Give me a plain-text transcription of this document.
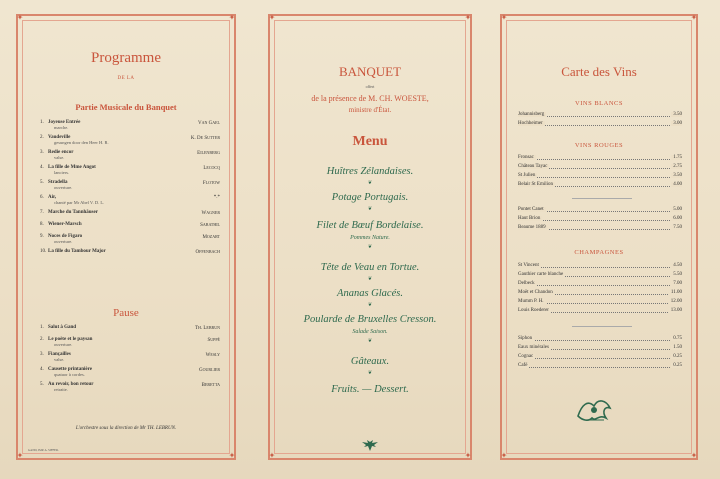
✦	✦
✦	✦
Programme
DE LA
Partie Musicale du Banquet
1. Joyeuse Entrée	Van Gael
marche.
2. Vaudeville	K. De Sutter
gesungen door den Heer H. R.
3. Redie encor	Eilenberg
valse.
4. La fille de Mme Angot	Lecocq
lanciers.
5. Stradella	Flotow
ouverture.
6. Air,	*.*
chanté par Mr Abel V. D. L.
7. Marche du Tannhäuser	Wagner
8. Wiener-Marsch	Sabathil
9. Noces de Figaro	Mozart
ouverture.
10. La fille du Tambour Major	Offenbach
Pause
1. Salut à Gand	Th. Lebrun
2. Le poète et le paysan	Suppé
ouverture.
3. Fiançailles	Wesly
valse.
4. Causette printanière	Gourlier
quatuor à cordes.
5. Au revoir, bon retour	Beretta
retraite.
L'orchestre sous la direction de Mr TH. LEBRUN.
GAND, IMP. A. SIFFER.
✦	✦
✦	✦
BANQUET
offert
de la présence de M. CH. WOESTE,
ministre d'État.
Menu
Huîtres Zélandaises.
❦
Potage Portugais.
❦
Filet de Bœuf Bordelaise.
Pommes Nature.
❦
Tête de Veau en Tortue.
❦
Ananas Glacés.
❦
Poularde de Bruxelles Cresson.
Salade Saison.
❦
Gâteaux.
❦
Fruits. — Dessert.
✦	✦
✦	✦
Carte des Vins
VINS BLANCS
Johannisberg	3.50
Hochheimer	3.00
VINS ROUGES
Fronsac	1.75
Château Tayac	2.75
St Julien	3.50
Belair St Emilion	4.00
Pontet Canet	5.00
Haut Brion	6.00
Beaume 1889	7.50
CHAMPAGNES
St Vincent	4.50
Gauthier carte blanche	5.50
Delbeck	7.00
Moët et Chandon	11.00
Mumm P. H.	12.00
Louis Roederer	13.00
Siphon	0.75
Eaux minérales	1.50
Cognac	0.25
Café	0.25
